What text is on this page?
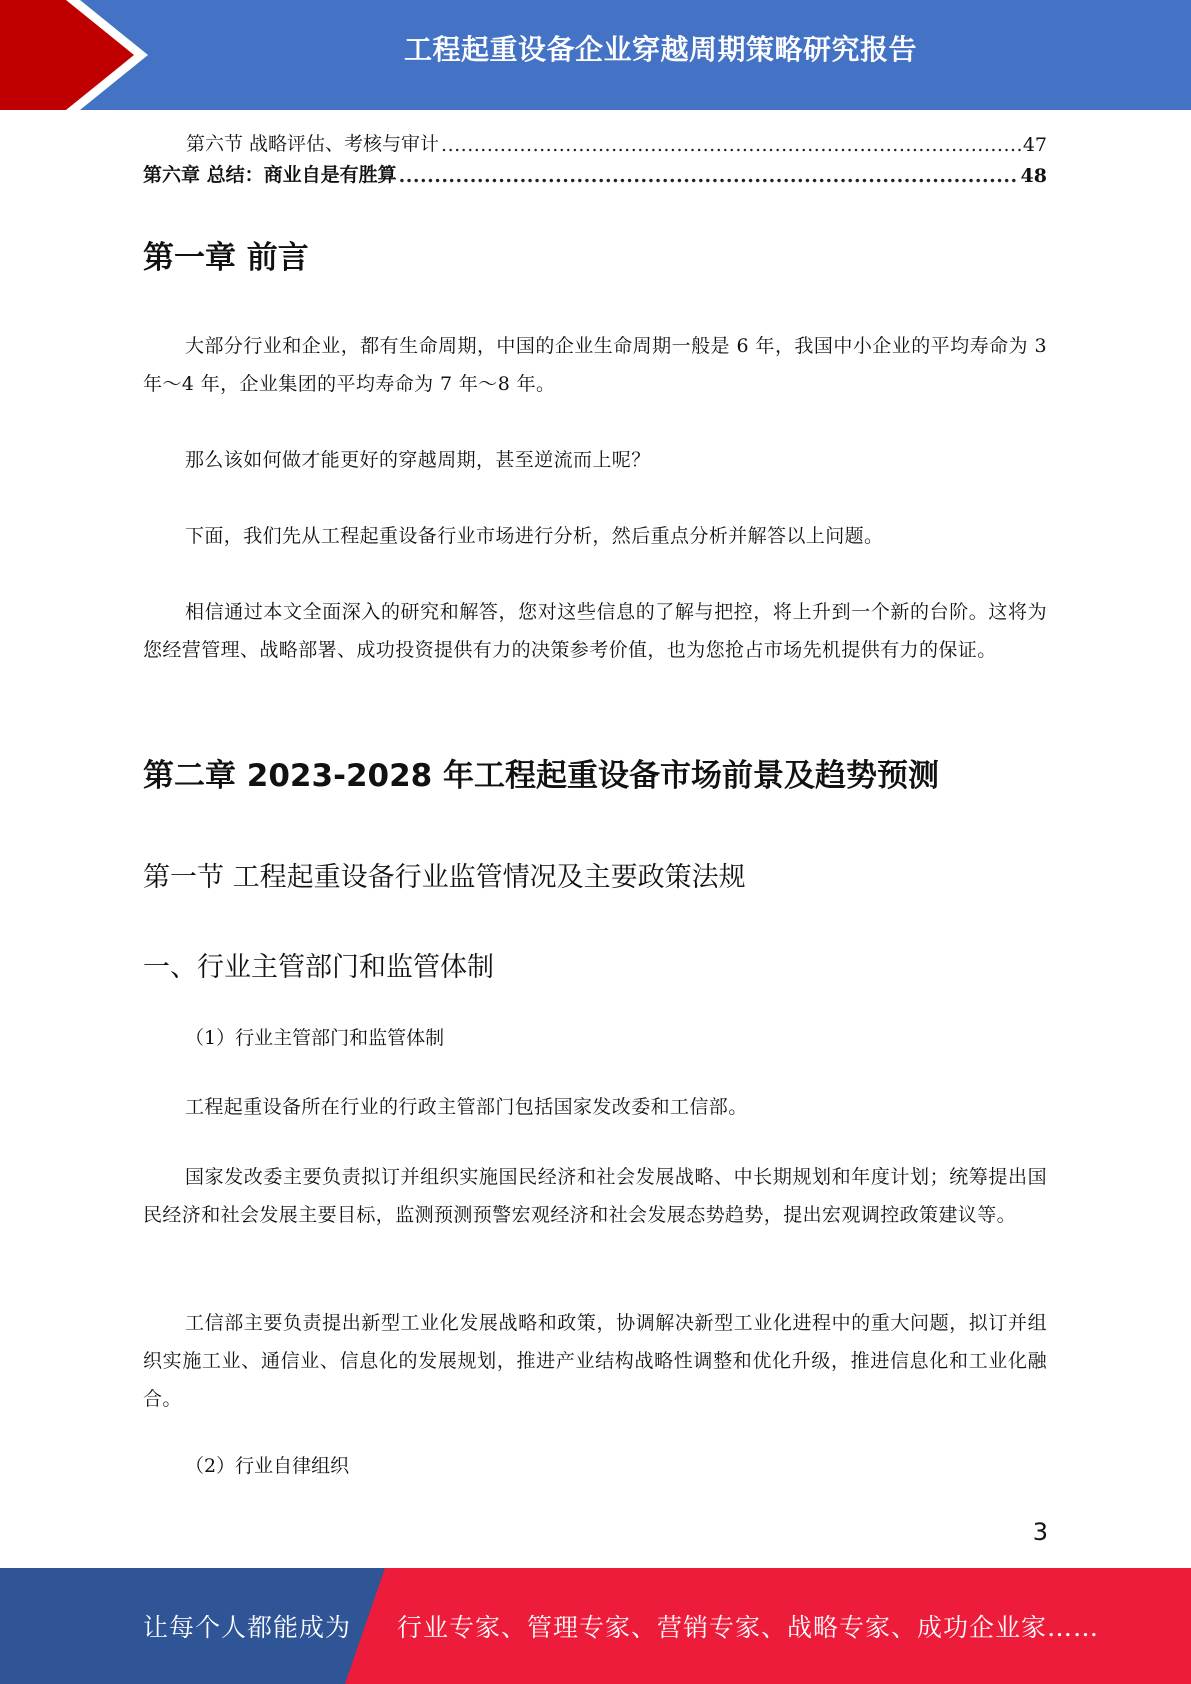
工程起重设备企业穿越周期策略研究报告
第六节 战略评估、考核与审计 .....	47
第六章 总结：商业自是有胜算 .....	48
第一章 前言

大部分行业和企业，都有生命周期，中国的企业生命周期一般是 6 年，我国中小企业的平均寿命为 3 年～4 年，企业集团的平均寿命为 7 年～8 年。

那么该如何做才能更好的穿越周期，甚至逆流而上呢？

下面，我们先从工程起重设备行业市场进行分析，然后重点分析并解答以上问题。

相信通过本文全面深入的研究和解答，您对这些信息的了解与把控，将上升到一个新的台阶。这将为您经营管理、战略部署、成功投资提供有力的决策参考价值，也为您抢占市场先机提供有力的保证。

第二章 2023-2028 年工程起重设备市场前景及趋势预测
第一节 工程起重设备行业监管情况及主要政策法规
一、行业主管部门和监管体制

（1）行业主管部门和监管体制

工程起重设备所在行业的行政主管部门包括国家发改委和工信部。

国家发改委主要负责拟订并组织实施国民经济和社会发展战略、中长期规划和年度计划；统筹提出国民经济和社会发展主要目标，监测预测预警宏观经济和社会发展态势趋势，提出宏观调控政策建议等。

工信部主要负责提出新型工业化发展战略和政策，协调解决新型工业化进程中的重大问题，拟订并组织实施工业、通信业、信息化的发展规划，推进产业结构战略性调整和优化升级，推进信息化和工业化融合。

（2）行业自律组织

3
让每个人都能成为 行业专家、管理专家、营销专家、战略专家、成功企业家……
